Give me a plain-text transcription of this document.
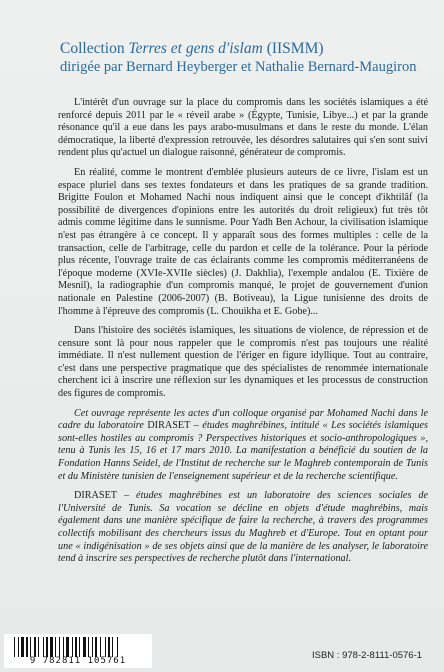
Collection Terres et gens d'islam (IISMM)
dirigée par Bernard Heyberger et Nathalie Bernard-Maugiron

L'intérêt d'un ouvrage sur la place du compromis dans les sociétés islamiques a été renforcé depuis 2011 par le « réveil arabe » (Égypte, Tunisie, Libye...) et par la grande résonance qu'il a eue dans les pays arabo-musulmans et dans le reste du monde. L'élan démocratique, la liberté d'expression retrouvée, les désordres salutaires qui s'en sont suivi rendent plus qu'actuel un dialogue raisonné, générateur de compromis.

En réalité, comme le montrent d'emblée plusieurs auteurs de ce livre, l'islam est un espace pluriel dans ses textes fondateurs et dans les pratiques de sa grande tradition. Brigitte Foulon et Mohamed Nachi nous indiquent ainsi que le concept d'ikhtilâf (la possibilité de divergences d'opinions entre les autorités du droit religieux) fut très tôt admis comme légitime dans le sunnisme. Pour Yadh Ben Achour, la civilisation islamique n'est pas étrangère à ce concept. Il y apparaît sous des formes multiples : celle de la transaction, celle de l'arbitrage, celle du pardon et celle de la tolérance. Pour la période plus récente, l'ouvrage traite de cas éclairants comme les compromis méditerranéens de l'époque moderne (XVIe-XVIIe siècles) (J. Dakhlia), l'exemple andalou (E. Tixière de Mesnil), la radiographie d'un compromis manqué, le projet de gouvernement d'union nationale en Palestine (2006-2007) (B. Botiveau), la Ligue tunisienne des droits de l'homme à l'épreuve des compromis (L. Chouikha et E. Gobe)...

Dans l'histoire des sociétés islamiques, les situations de violence, de répression et de censure sont là pour nous rappeler que le compromis n'est pas toujours une réalité immédiate. Il n'est nullement question de l'ériger en figure idyllique. Tout au contraire, c'est dans une perspective pragmatique que des spécialistes de renommée internationale cherchent ici à inscrire une réflexion sur les dynamiques et les processus de construction des figures de compromis.

Cet ouvrage représente les actes d'un colloque organisé par Mohamed Nachi dans le cadre du laboratoire DIRASET – études maghrébines, intitulé « Les sociétés islamiques sont-elles hostiles au compromis ? Perspectives historiques et socio-anthropologiques », tenu à Tunis les 15, 16 et 17 mars 2010. La manifestation a bénéficié du soutien de la Fondation Hanns Seidel, de l'Institut de recherche sur le Maghreb contemporain de Tunis et du Ministère tunisien de l'enseignement supérieur et de la recherche scientifique.

DIRASET – études maghrébines est un laboratoire des sciences sociales de l'Université de Tunis. Sa vocation se décline en objets d'étude maghrébins, mais également dans une manière spécifique de faire la recherche, à travers des programmes collectifs mobilisant des chercheurs issus du Maghreb et d'Europe. Tout en optant pour une « indigénisation » de ses objets ainsi que de la manière de les analyser, le laboratoire tend à inscrire ses perspectives de recherche plutôt dans l'international.

9 782811 105761	ISBN : 978-2-8111-0576-1
